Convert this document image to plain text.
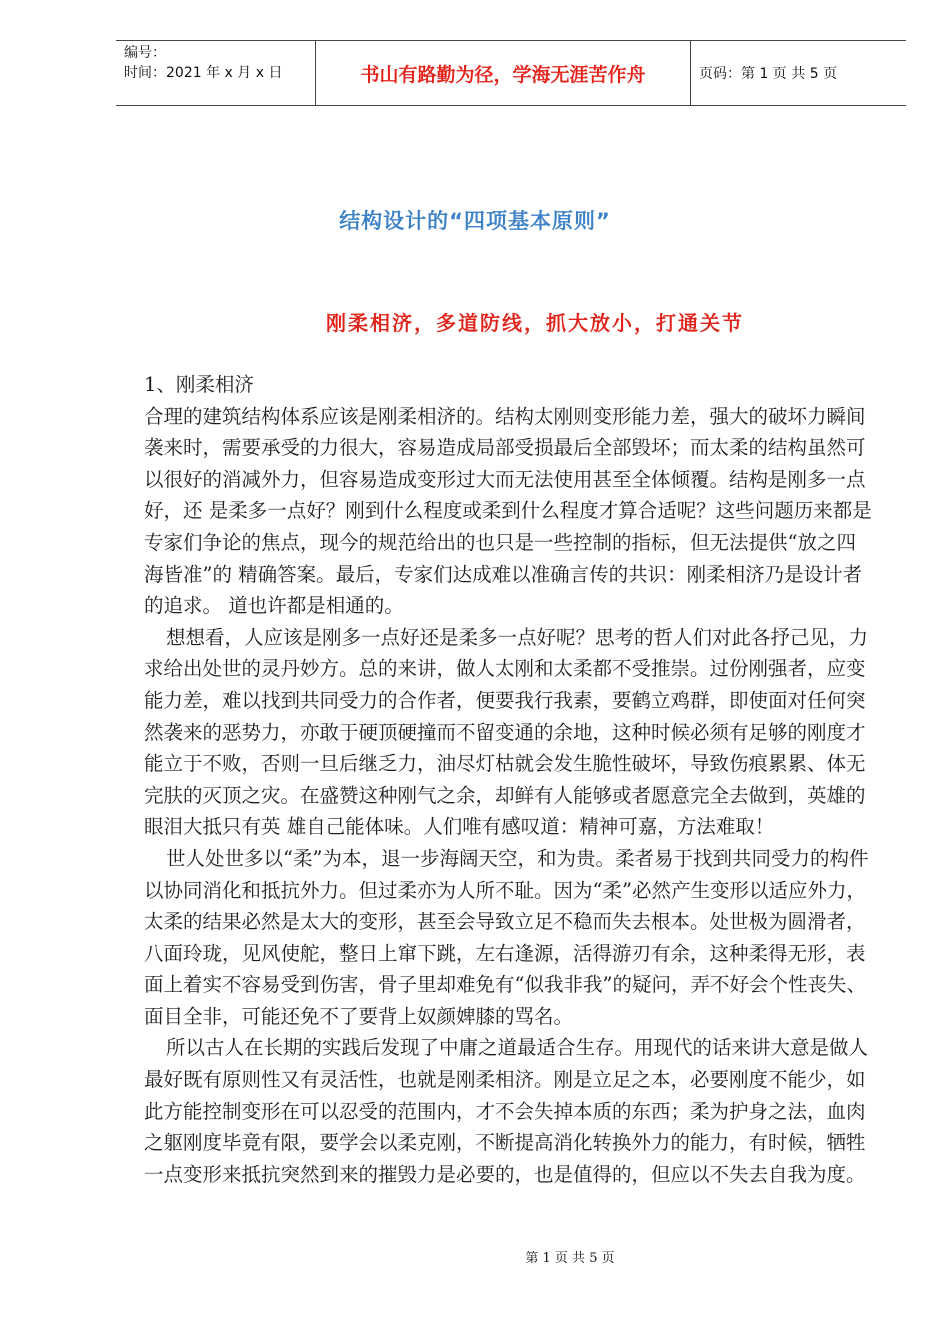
编号：
时间：2021 年 x 月 x 日	书山有路勤为径，学海无涯苦作舟	页码：第 1 页 共 5 页
结构设计的“四项基本原则”
刚柔相济，多道防线，抓大放小，打通关节

1、刚柔相济

合理的建筑结构体系应该是刚柔相济的。结构太刚则变形能力差，强大的破坏力瞬间袭来时，需要承受的力很大，容易造成局部受损最后全部毁坏；而太柔的结构虽然可以很好的消减外力，但容易造成变形过大而无法使用甚至全体倾覆。结构是刚多一点好，还 是柔多一点好？刚到什么程度或柔到什么程度才算合适呢？这些问题历来都是专家们争论的焦点，现今的规范给出的也只是一些控制的指标，但无法提供“放之四海皆准”的 精确答案。最后，专家们达成难以准确言传的共识：刚柔相济乃是设计者的追求。 道也许都是相通的。

想想看，人应该是刚多一点好还是柔多一点好呢？思考的哲人们对此各抒己见，力求给出处世的灵丹妙方。总的来讲，做人太刚和太柔都不受推崇。过份刚强者，应变能力差，难以找到共同受力的合作者，便要我行我素，要鹤立鸡群，即使面对任何突然袭来的恶势力，亦敢于硬顶硬撞而不留变通的余地，这种时候必须有足够的刚度才能立于不败，否则一旦后继乏力，油尽灯枯就会发生脆性破坏，导致伤痕累累、体无完肤的灭顶之灾。在盛赞这种刚气之余，却鲜有人能够或者愿意完全去做到，英雄的眼泪大抵只有英 雄自己能体味。人们唯有感叹道：精神可嘉，方法难取！

世人处世多以“柔”为本，退一步海阔天空，和为贵。柔者易于找到共同受力的构件以协同消化和抵抗外力。但过柔亦为人所不耻。因为“柔”必然产生变形以适应外力，太柔的结果必然是太大的变形，甚至会导致立足不稳而失去根本。处世极为圆滑者，八面玲珑，见风使舵，整日上窜下跳，左右逢源，活得游刃有余，这种柔得无形，表面上着实不容易受到伤害，骨子里却难免有“似我非我”的疑问，弄不好会个性丧失、面目全非，可能还免不了要背上奴颜婢膝的骂名。

所以古人在长期的实践后发现了中庸之道最适合生存。用现代的话来讲大意是做人最好既有原则性又有灵活性，也就是刚柔相济。刚是立足之本，必要刚度不能少，如此方能控制变形在可以忍受的范围内，才不会失掉本质的东西；柔为护身之法，血肉之躯刚度毕竟有限，要学会以柔克刚，不断提高消化转换外力的能力，有时候，牺牲一点变形来抵抗突然到来的摧毁力是必要的，也是值得的，但应以不失去自我为度。

第 1 页 共 5 页
